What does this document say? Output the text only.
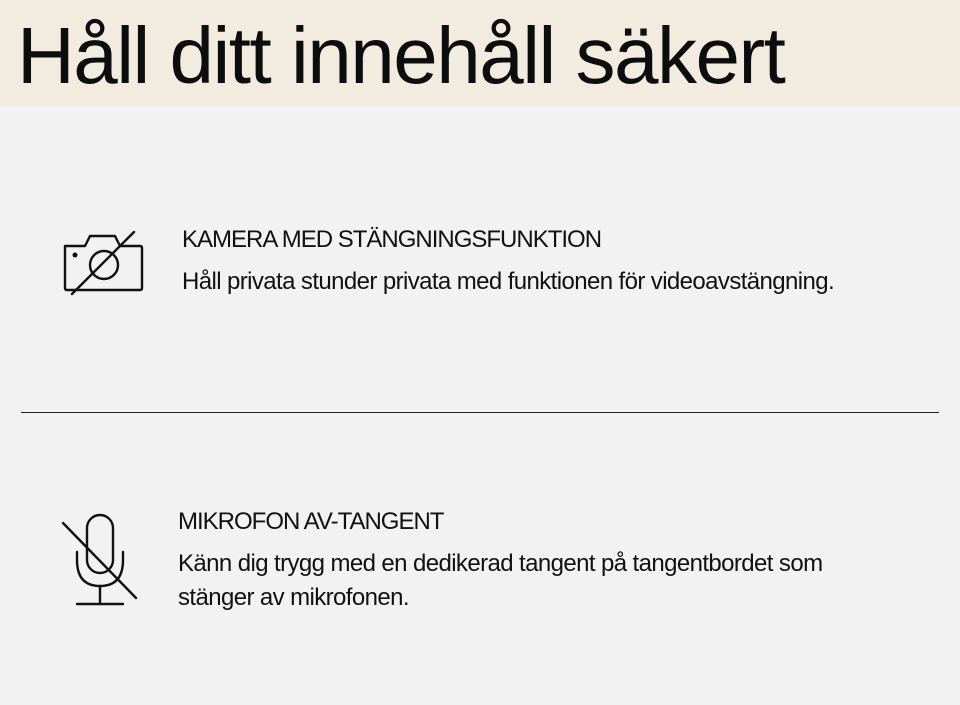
Håll ditt innehåll säkert
KAMERA MED STÄNGNINGSFUNKTION

Håll privata stunder privata med funktionen för videoavstängning.

MIKROFON AV-TANGENT

Känn dig trygg med en dedikerad tangent på tangentbordet som stänger av mikrofonen.
